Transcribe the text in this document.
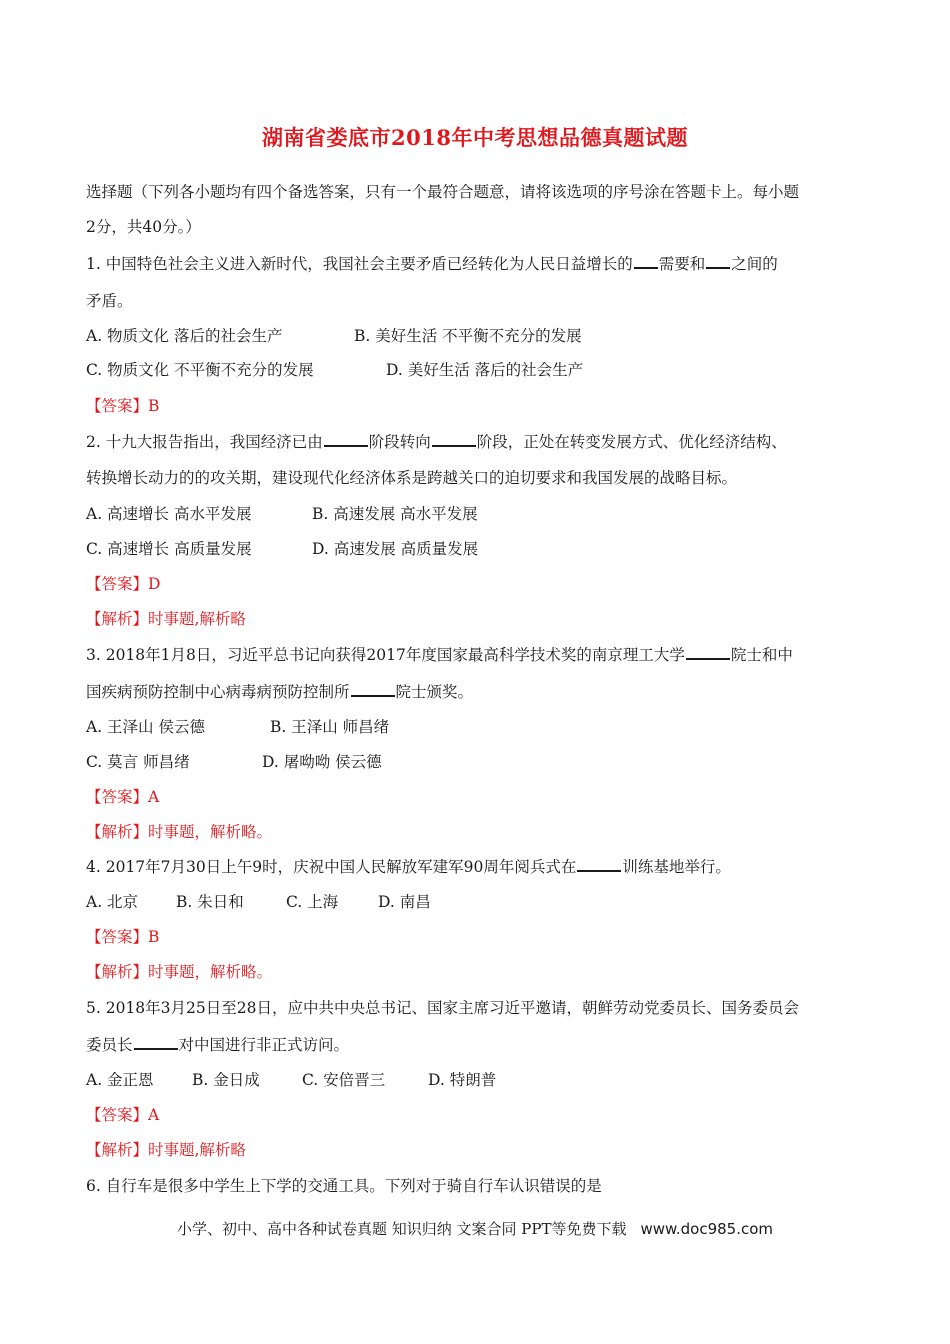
湖南省娄底市2018年中考思想品德真题试题
选择题（下列各小题均有四个备选答案，只有一个最符合题意，请将该选项的序号涂在答题卡上。每小题
2分，共40分。）
1. 中国特色社会主义进入新时代，我国社会主要矛盾已经转化为人民日益增长的 需要和 之间的
矛盾。
A. 物质文化 落后的社会生产	B. 美好生活 不平衡不充分的发展
C. 物质文化 不平衡不充分的发展	D. 美好生活 落后的社会生产
【答案】B
2. 十九大报告指出，我国经济已由	阶段转向	阶段，正处在转变发展方式、优化经济结构、
转换增长动力的的攻关期，建设现代化经济体系是跨越关口的迫切要求和我国发展的战略目标。
A. 高速增长 高水平发展	B. 高速发展 高水平发展
C. 高速增长 高质量发展	D. 高速发展 高质量发展
【答案】D
【解析】时事题,解析略
3. 2018年1月8日，习近平总书记向获得2017年度国家最高科学技术奖的南京理工大学	院士和中
国疾病预防控制中心病毒病预防控制所	院士颁奖。
A. 王泽山 侯云德	B. 王泽山 师昌绪
C. 莫言 师昌绪	D. 屠呦呦 侯云德
【答案】A
【解析】时事题，解析略。
4. 2017年7月30日上午9时，庆祝中国人民解放军建军90周年阅兵式在	训练基地举行。
A. 北京 B. 朱日和	C. 上海	D. 南昌
【答案】B
【解析】时事题，解析略。
5. 2018年3月25日至28日，应中共中央总书记、国家主席习近平邀请，朝鲜劳动党委员长、国务委员会
委员长	对中国进行非正式访问。
A. 金正恩 B. 金日成	C. 安倍晋三	D. 特朗普
【答案】A
【解析】时事题,解析略
6. 自行车是很多中学生上下学的交通工具。下列对于骑自行车认识错误的是
小学、初中、高中各种试卷真题 知识归纳 文案合同 PPT等免费下载 www.doc985.com
